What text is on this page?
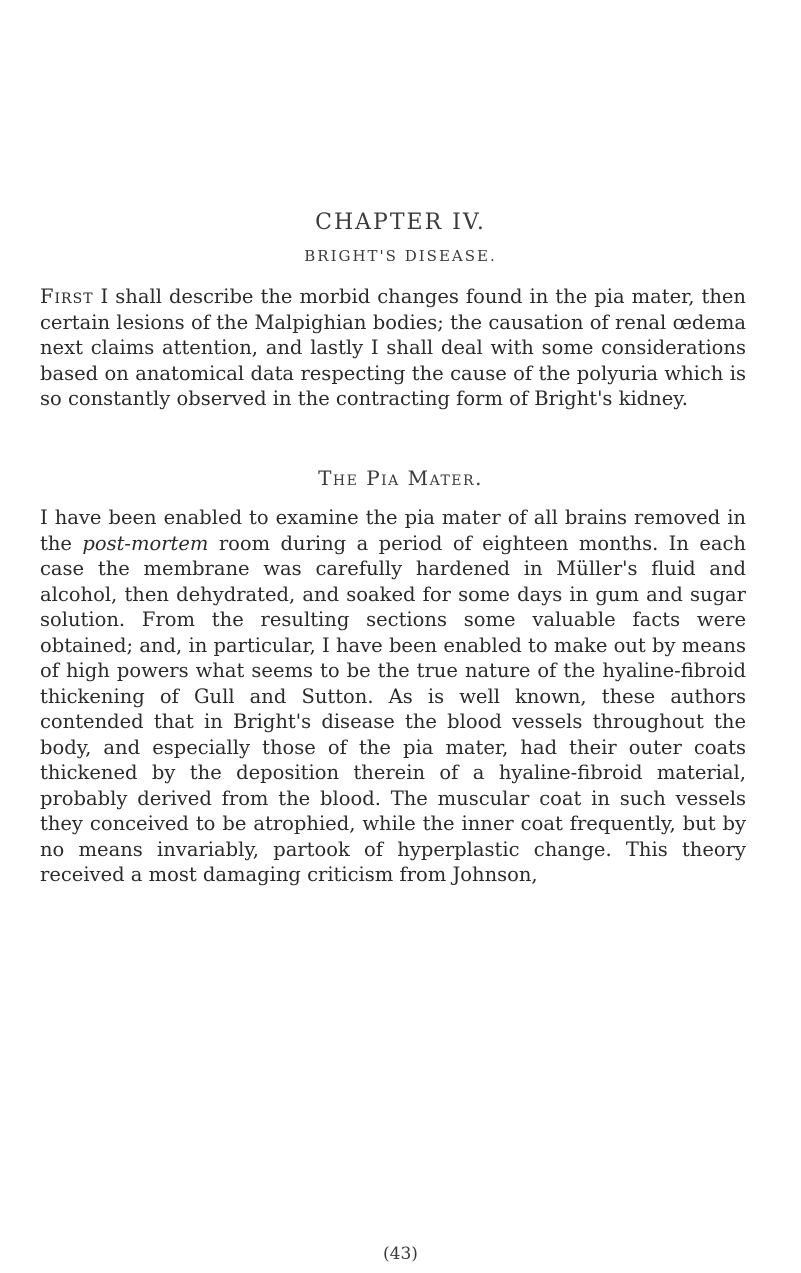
CHAPTER IV.
BRIGHT'S DISEASE.

First I shall describe the morbid changes found in the pia mater, then certain lesions of the Malpighian bodies; the causation of renal œdema next claims attention, and lastly I shall deal with some considerations based on anatomical data respecting the cause of the polyuria which is so constantly observed in the contracting form of Bright's kidney.

The Pia Mater.

I have been enabled to examine the pia mater of all brains removed in the post-mortem room during a period of eighteen months. In each case the membrane was carefully hardened in Müller's fluid and alcohol, then dehydrated, and soaked for some days in gum and sugar solution. From the resulting sections some valuable facts were obtained; and, in particular, I have been enabled to make out by means of high powers what seems to be the true nature of the hyaline-fibroid thickening of Gull and Sutton. As is well known, these authors contended that in Bright's disease the blood vessels throughout the body, and especially those of the pia mater, had their outer coats thickened by the deposition therein of a hyaline-fibroid material, probably derived from the blood. The muscular coat in such vessels they conceived to be atrophied, while the inner coat frequently, but by no means invariably, partook of hyperplastic change. This theory received a most damaging criticism from Johnson,

(43)
